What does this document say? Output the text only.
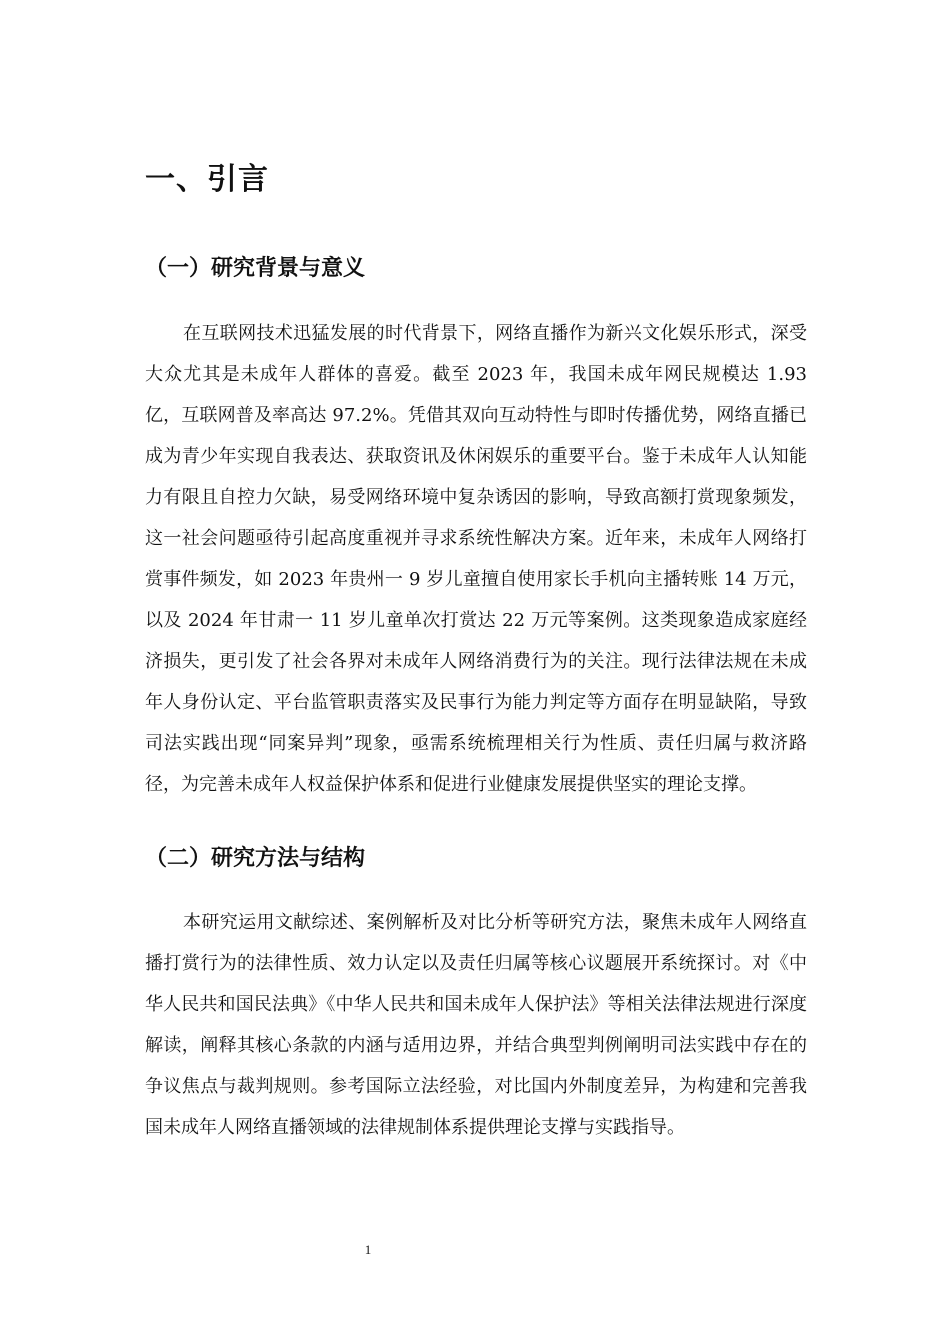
一、引言
（一）研究背景与意义

在互联网技术迅猛发展的时代背景下，网络直播作为新兴文化娱乐形式，深受大众尤其是未成年人群体的喜爱。截至 2023 年，我国未成年网民规模达 1.93 亿，互联网普及率高达 97.2%。凭借其双向互动特性与即时传播优势，网络直播已成为青少年实现自我表达、获取资讯及休闲娱乐的重要平台。鉴于未成年人认知能力有限且自控力欠缺，易受网络环境中复杂诱因的影响，导致高额打赏现象频发，这一社会问题亟待引起高度重视并寻求系统性解决方案。近年来，未成年人网络打赏事件频发，如 2023 年贵州一 9 岁儿童擅自使用家长手机向主播转账 14 万元，以及 2024 年甘肃一 11 岁儿童单次打赏达 22 万元等案例。这类现象造成家庭经济损失，更引发了社会各界对未成年人网络消费行为的关注。现行法律法规在未成年人身份认定、平台监管职责落实及民事行为能力判定等方面存在明显缺陷，导致司法实践出现“同案异判”现象，亟需系统梳理相关行为性质、责任归属与救济路径，为完善未成年人权益保护体系和促进行业健康发展提供坚实的理论支撑。

（二）研究方法与结构

本研究运用文献综述、案例解析及对比分析等研究方法，聚焦未成年人网络直播打赏行为的法律性质、效力认定以及责任归属等核心议题展开系统探讨。对《中华人民共和国民法典》《中华人民共和国未成年人保护法》等相关法律法规进行深度解读，阐释其核心条款的内涵与适用边界，并结合典型判例阐明司法实践中存在的争议焦点与裁判规则。参考国际立法经验，对比国内外制度差异，为构建和完善我国未成年人网络直播领域的法律规制体系提供理论支撑与实践指导。

1
